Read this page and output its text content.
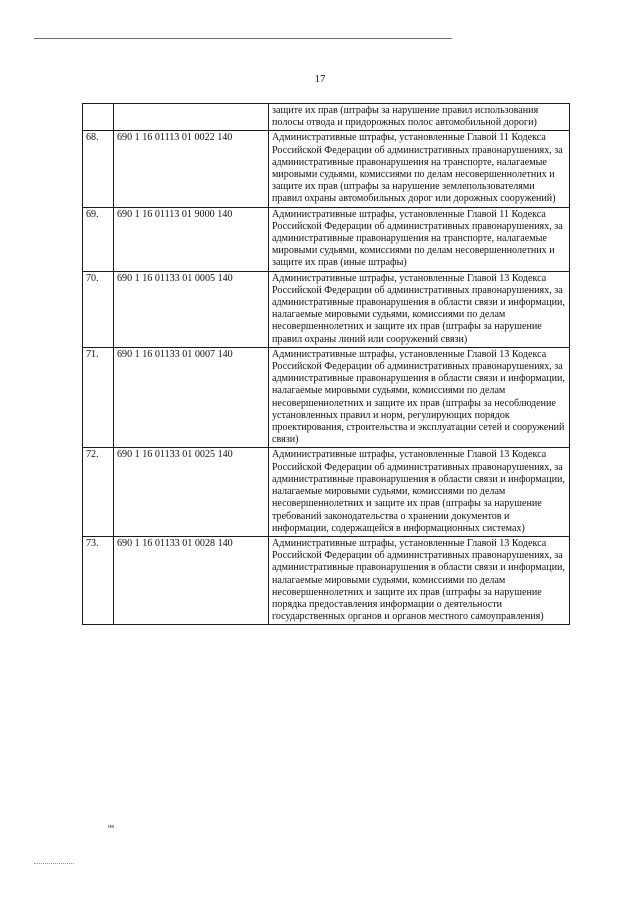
17
		защите их прав (штрафы за нарушение правил использования полосы отвода и придорожных полос автомобильной дороги)
68.	690 1 16 01113 01 0022 140	Административные штрафы, установленные Главой 11 Кодекса Российской Федерации об административных правонарушениях, за административные правонарушения на транспорте, налагаемые мировыми судьями, комиссиями по делам несовершеннолетних и защите их прав (штрафы за нарушение землепользователями правил охраны автомобильных дорог или дорожных сооружений)
69.	690 1 16 01113 01 9000 140	Административные штрафы, установленные Главой 11 Кодекса Российской Федерации об административных правонарушениях, за административные правонарушения на транспорте, налагаемые мировыми судьями, комиссиями по делам несовершеннолетних и защите их прав (иные штрафы)
70.	690 1 16 01133 01 0005 140	Административные штрафы, установленные Главой 13 Кодекса Российской Федерации об административных правонарушениях, за административные правонарушения в области связи и информации, налагаемые мировыми судьями, комиссиями по делам несовершеннолетних и защите их прав (штрафы за нарушение правил охраны линий или сооружений связи)
71.	690 1 16 01133 01 0007 140	Административные штрафы, установленные Главой 13 Кодекса Российской Федерации об административных правонарушениях, за административные правонарушения в области связи и информации, налагаемые мировыми судьями, комиссиями по делам несовершеннолетних и защите их прав (штрафы за несоблюдение установленных правил и норм, регулирующих порядок проектирования, строительства и эксплуатации сетей и сооружений связи)
72.	690 1 16 01133 01 0025 140	Административные штрафы, установленные Главой 13 Кодекса Российской Федерации об административных правонарушениях, за административные правонарушения в области связи и информации, налагаемые мировыми судьями, комиссиями по делам несовершеннолетних и защите их прав (штрафы за нарушение требований законодательства о хранении документов и информации, содержащейся в информационных системах)
73.	690 1 16 01133 01 0028 140	Административные штрафы, установленные Главой 13 Кодекса Российской Федерации об административных правонарушениях, за административные правонарушения в области связи и информации, налагаемые мировыми судьями, комиссиями по делам несовершеннолетних и защите их прав (штрафы за нарушение порядка предоставления информации о деятельности государственных органов и органов местного самоуправления)
нв
